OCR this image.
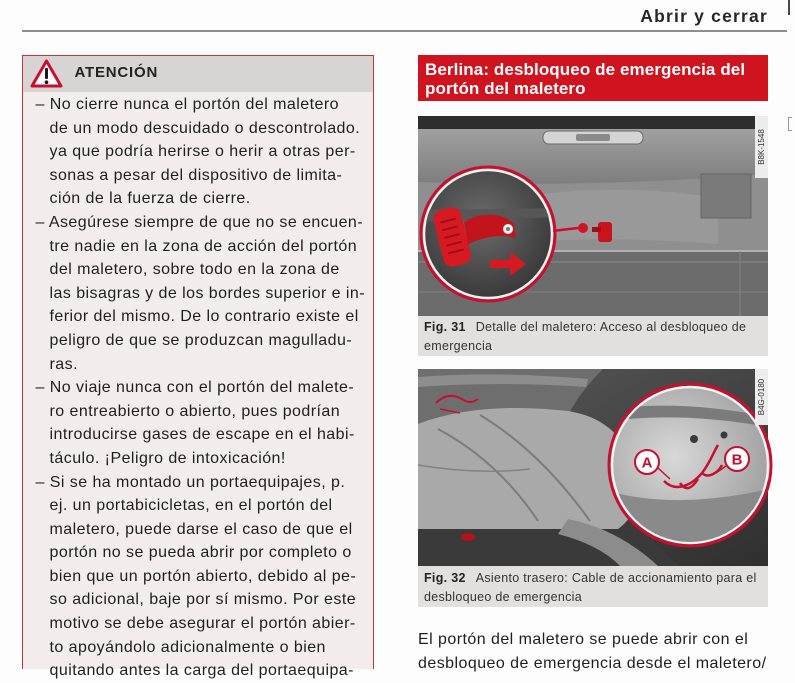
Abrir y cerrar
ATENCIÓN
– No cierre nunca el portón del maletero
de un modo descuidado o descontrolado.
ya que podría herirse o herir a otras per-
sonas a pesar del dispositivo de limita-
ción de la fuerza de cierre.
– Asegúrese siempre de que no se encuen-
tre nadie en la zona de acción del portón
del maletero, sobre todo en la zona de
las bisagras y de los bordes superior e in-
ferior del mismo. De lo contrario existe el
peligro de que se produzcan magulladu-
ras.
– No viaje nunca con el portón del malete-
ro entreabierto o abierto, pues podrían
introducirse gases de escape en el habi-
táculo. ¡Peligro de intoxicación!
– Si se ha montado un portaequipajes, p.
ej. un portabicicletas, en el portón del
maletero, puede darse el caso de que el
portón no se pueda abrir por completo o
bien que un portón abierto, debido al pe-
so adicional, baje por sí mismo. Por este
motivo se debe asegurar el portón abier-
to apoyándolo adicionalmente o bien
quitando antes la carga del portaequipa-
Berlina: desbloqueo de emergencia del
portón del maletero
B8K-1548
Fig. 31 Detalle del maletero: Acceso al desbloqueo de
emergencia
A	B
B4G-0180
Fig. 32 Asiento trasero: Cable de accionamiento para el
desbloqueo de emergencia
El portón del maletero se puede abrir con el
desbloqueo de emergencia desde el maletero/
